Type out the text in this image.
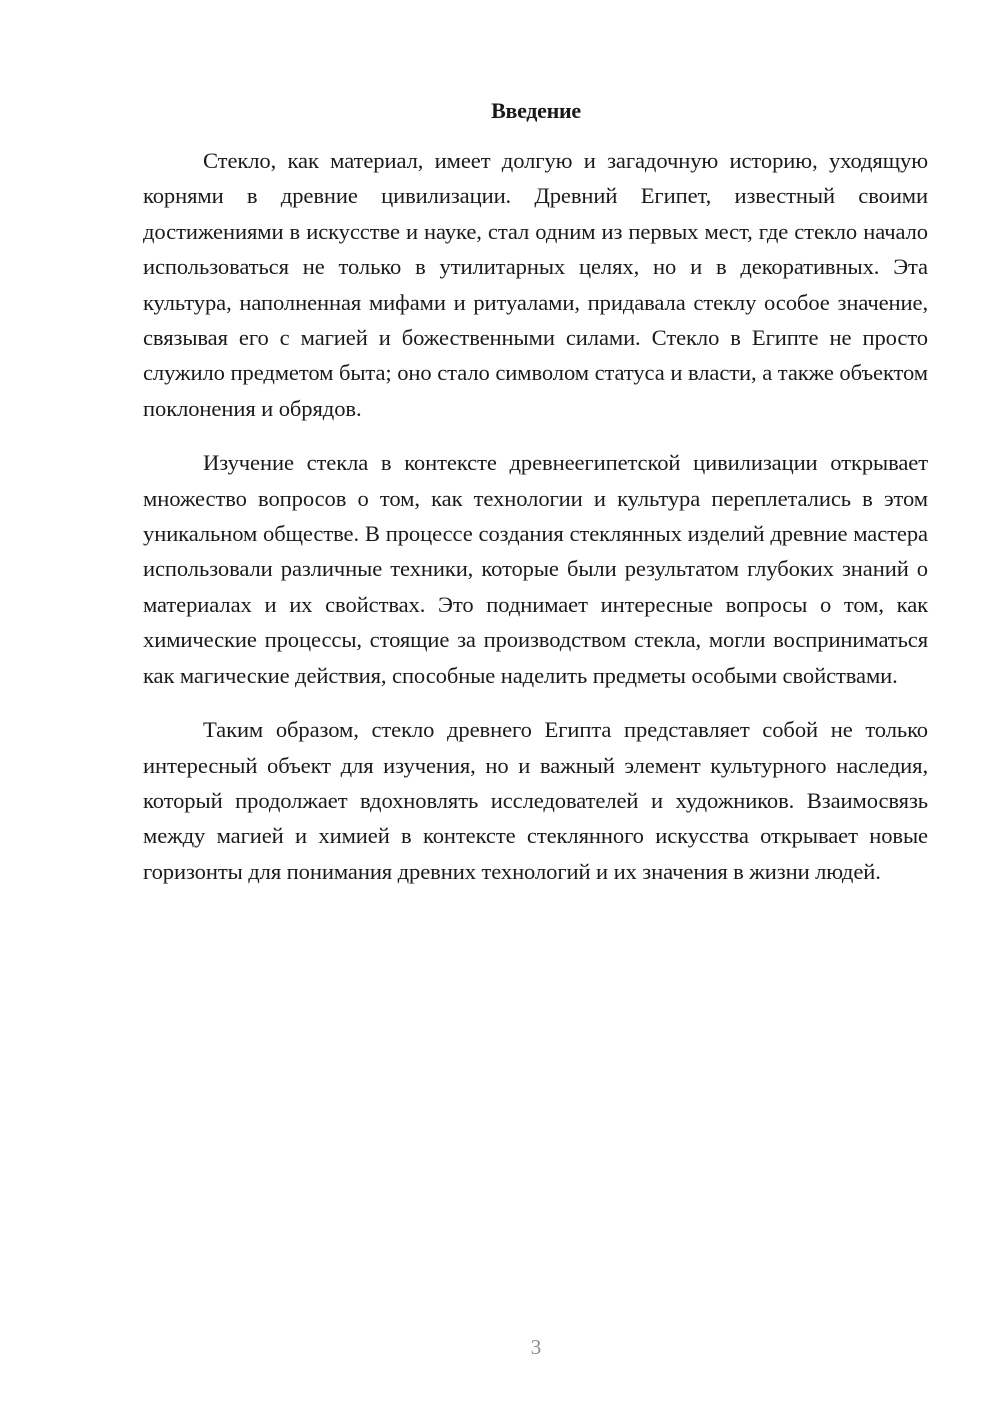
Введение

Стекло, как материал, имеет долгую и загадочную историю, уходящую корнями в древние цивилизации. Древний Египет, известный своими достижениями в искусстве и науке, стал одним из первых мест, где стекло начало использоваться не только в утилитарных целях, но и в декоративных. Эта культура, наполненная мифами и ритуалами, придавала стеклу особое значение, связывая его с магией и божественными силами. Стекло в Египте не просто служило предметом быта; оно стало символом статуса и власти, а также объектом поклонения и обрядов.

Изучение стекла в контексте древнеегипетской цивилизации открывает множество вопросов о том, как технологии и культура переплетались в этом уникальном обществе. В процессе создания стеклянных изделий древние мастера использовали различные техники, которые были результатом глубоких знаний о материалах и их свойствах. Это поднимает интересные вопросы о том, как химические процессы, стоящие за производством стекла, могли восприниматься как магические действия, способные наделить предметы особыми свойствами.

Таким образом, стекло древнего Египта представляет собой не только интересный объект для изучения, но и важный элемент культурного наследия, который продолжает вдохновлять исследователей и художников. Взаимосвязь между магией и химией в контексте стеклянного искусства открывает новые горизонты для понимания древних технологий и их значения в жизни людей.

3
